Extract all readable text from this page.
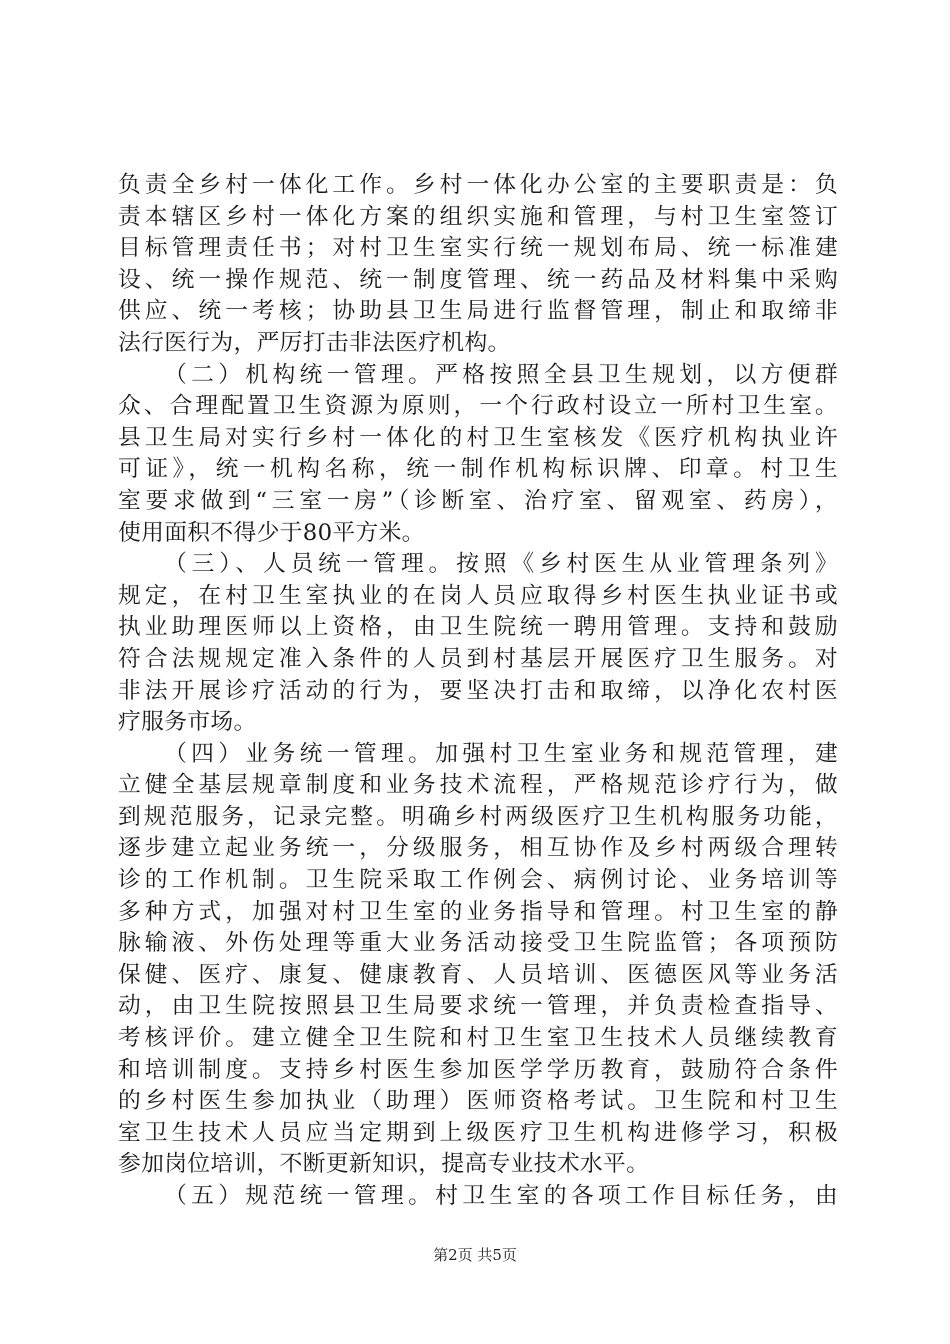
负责全乡村一体化工作。乡村一体化办公室的主要职责是：负
责本辖区乡村一体化方案的组织实施和管理，与村卫生室签订
目标管理责任书；对村卫生室实行统一规划布局、统一标准建
设、统一操作规范、统一制度管理、统一药品及材料集中采购
供应、统一考核；协助县卫生局进行监督管理，制止和取缔非
法行医行为，严厉打击非法医疗机构。
（二）机构统一管理。严格按照全县卫生规划，以方便群
众、合理配置卫生资源为原则，一个行政村设立一所村卫生室。
县卫生局对实行乡村一体化的村卫生室核发《医疗机构执业许
可证》，统一机构名称，统一制作机构标识牌、印章。村卫生
室要求做到“三室一房”（诊断室、治疗室、留观室、药房），
使用面积不得少于80平方米。
（三）、人员统一管理。按照《乡村医生从业管理条列》
规定，在村卫生室执业的在岗人员应取得乡村医生执业证书或
执业助理医师以上资格，由卫生院统一聘用管理。支持和鼓励
符合法规规定准入条件的人员到村基层开展医疗卫生服务。对
非法开展诊疗活动的行为，要坚决打击和取缔，以净化农村医
疗服务市场。
（四）业务统一管理。加强村卫生室业务和规范管理，建
立健全基层规章制度和业务技术流程，严格规范诊疗行为，做
到规范服务，记录完整。明确乡村两级医疗卫生机构服务功能，
逐步建立起业务统一，分级服务，相互协作及乡村两级合理转
诊的工作机制。卫生院采取工作例会、病例讨论、业务培训等
多种方式，加强对村卫生室的业务指导和管理。村卫生室的静
脉输液、外伤处理等重大业务活动接受卫生院监管；各项预防
保健、医疗、康复、健康教育、人员培训、医德医风等业务活
动，由卫生院按照县卫生局要求统一管理，并负责检查指导、
考核评价。建立健全卫生院和村卫生室卫生技术人员继续教育
和培训制度。支持乡村医生参加医学学历教育，鼓励符合条件
的乡村医生参加执业（助理）医师资格考试。卫生院和村卫生
室卫生技术人员应当定期到上级医疗卫生机构进修学习，积极
参加岗位培训，不断更新知识，提高专业技术水平。
（五）规范统一管理。村卫生室的各项工作目标任务，由
第2页 共5页
